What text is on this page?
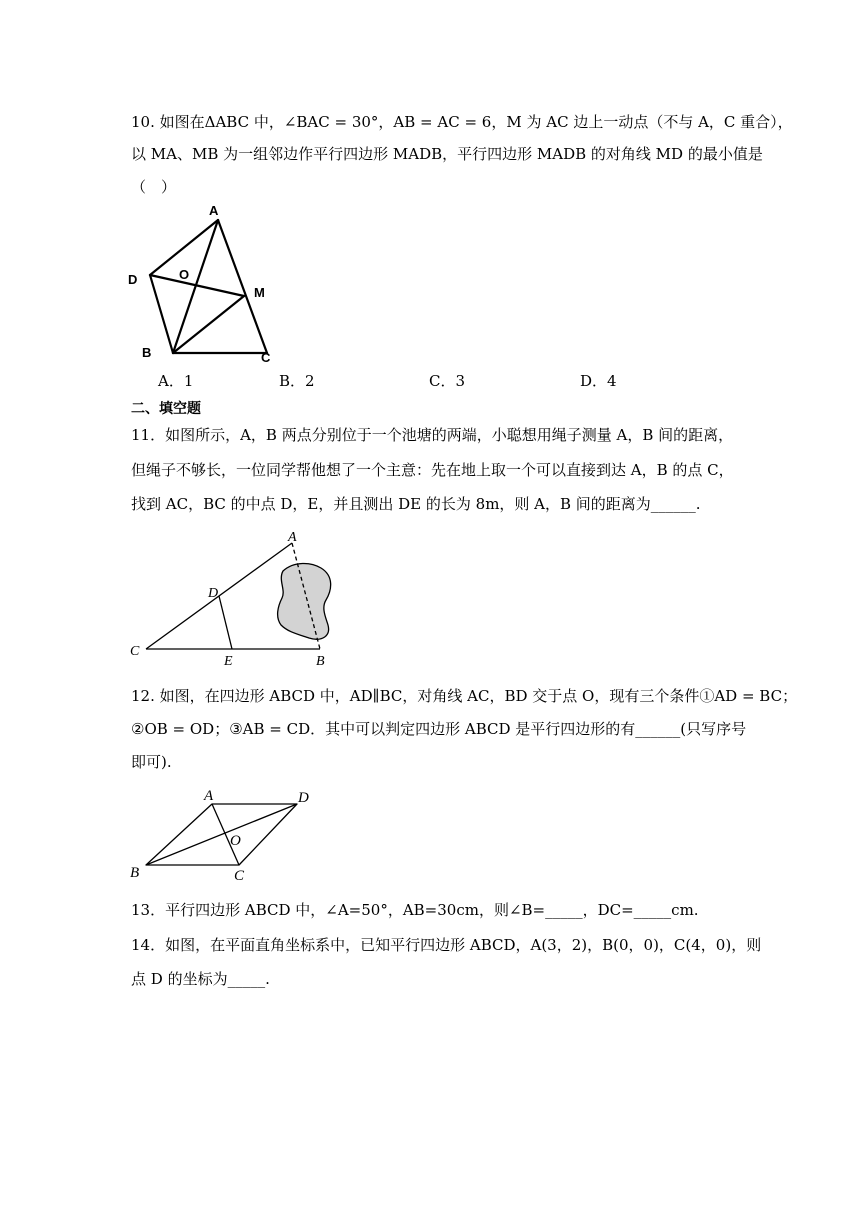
10. 如图在ΔABC 中，∠BAC = 30°，AB = AC = 6，M 为 AC 边上一动点（不与 A，C 重合），
以 MA、MB 为一组邻边作平行四边形 MADB，平行四边形 MADB 的对角线 MD 的最小值是
（　）
A
D	O
M
B	C
A．1	B．2	C．3	D．4
二、填空题
11．如图所示，A，B 两点分别位于一个池塘的两端，小聪想用绳子测量 A，B 间的距离，
但绳子不够长，一位同学帮他想了一个主意：先在地上取一个可以直接到达 A，B 的点 C，
找到 AC，BC 的中点 D，E，并且测出 DE 的长为 8m，则 A，B 间的距离为______.
A
D
C
E	B
12. 如图，在四边形 ABCD 中，AD∥BC，对角线 AC，BD 交于点 O，现有三个条件①AD = BC；
②OB = OD；③AB = CD．其中可以判定四边形 ABCD 是平行四边形的有______(只写序号
即可).
A	D
O
B	C
13．平行四边形 ABCD 中，∠A=50°，AB=30cm，则∠B=_____，DC=_____cm.
14．如图，在平面直角坐标系中，已知平行四边形 ABCD，A(3，2)，B(0，0)，C(4，0)，则
点 D 的坐标为_____.
